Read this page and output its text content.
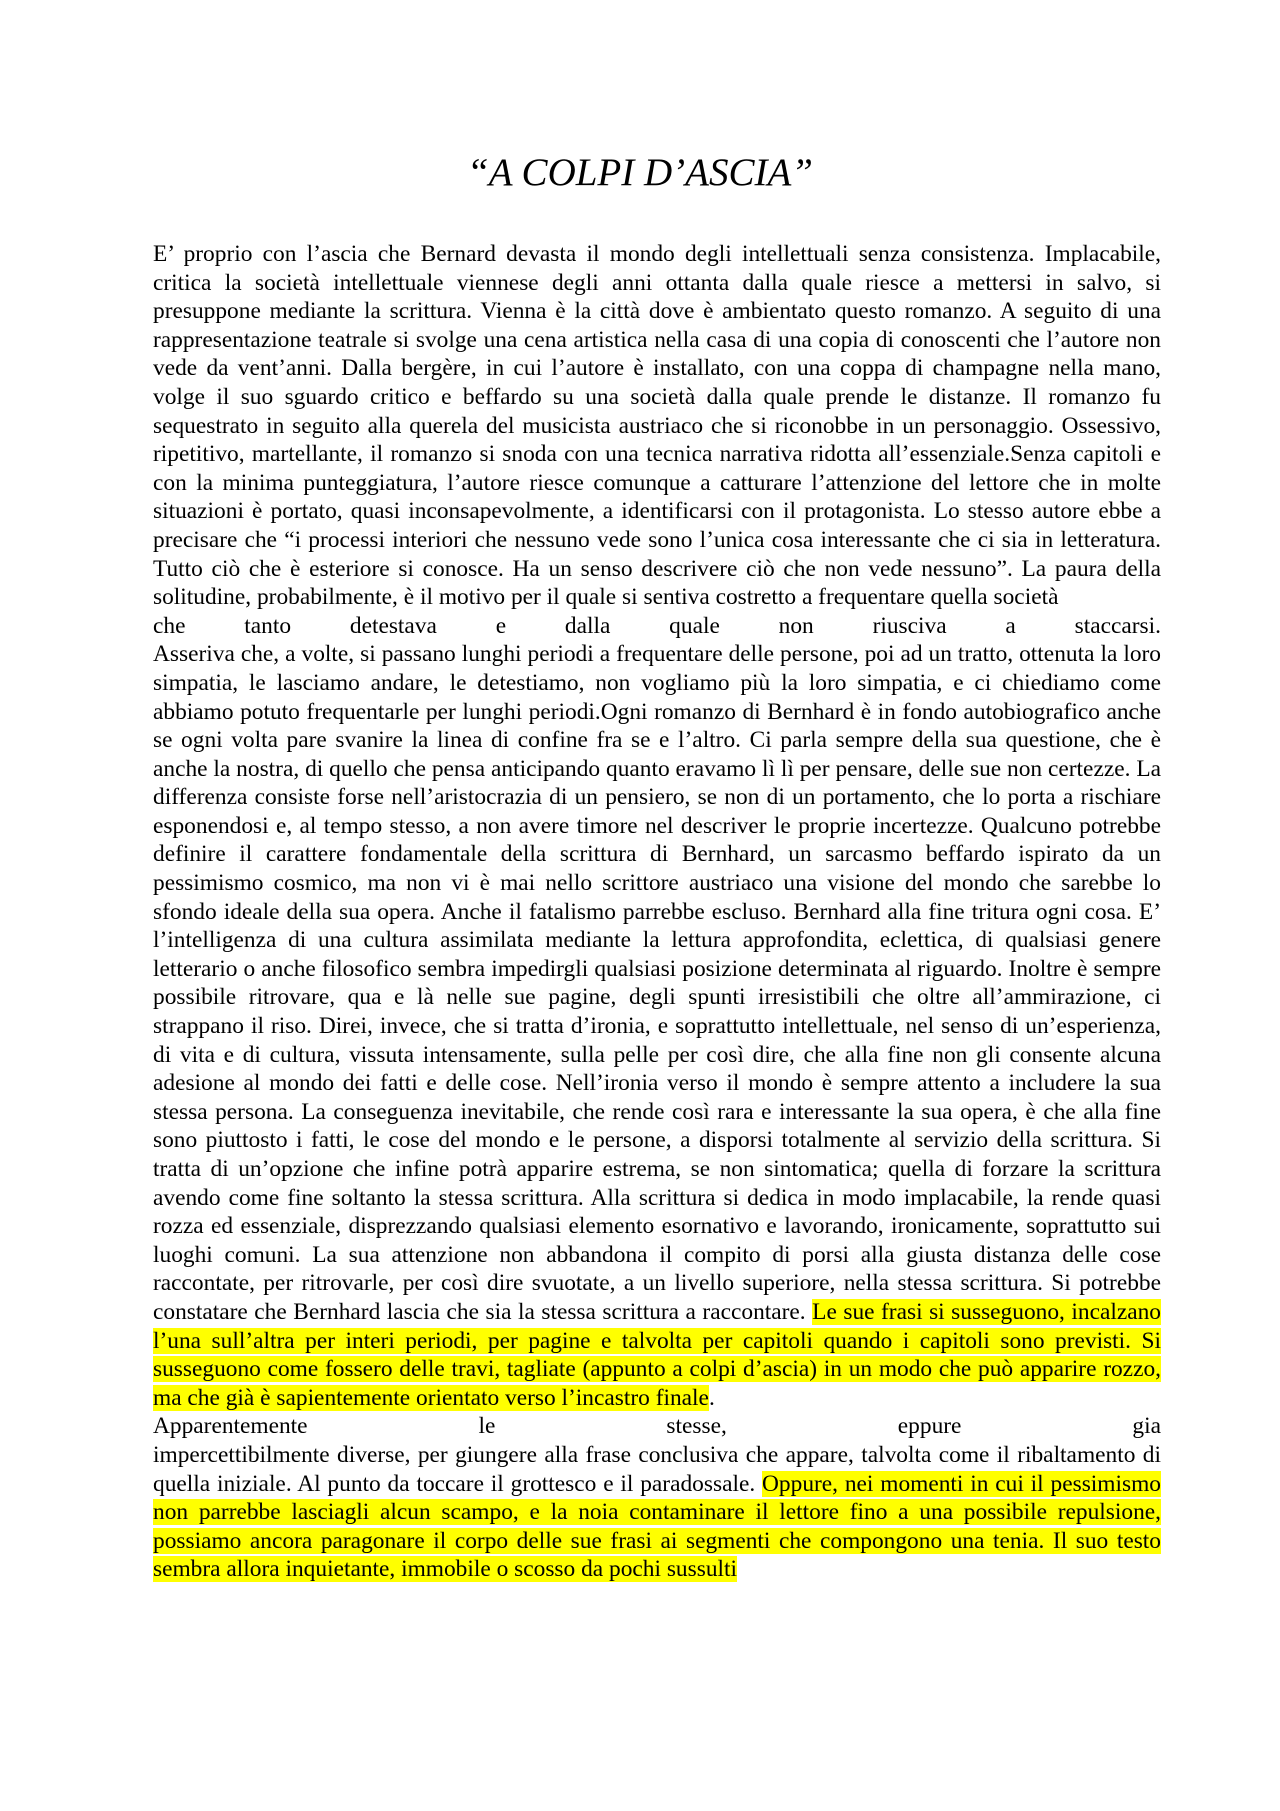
“A COLPI D’ASCIA”
E’ proprio con l’ascia che Bernard devasta il mondo degli intellettuali senza consistenza. Implacabile, critica la società intellettuale viennese degli anni ottanta dalla quale riesce a mettersi in salvo, si presuppone mediante la scrittura. Vienna è la città dove è ambientato questo romanzo. A seguito di una rappresentazione teatrale si svolge una cena artistica nella casa di una copia di conoscenti che l’autore non vede da vent’anni. Dalla bergère, in cui l’autore è installato, con una coppa di champagne nella mano, volge il suo sguardo critico e beffardo su una società dalla quale prende le distanze. Il romanzo fu sequestrato in seguito alla querela del musicista austriaco che si riconobbe in un personaggio. Ossessivo, ripetitivo, martellante, il romanzo si snoda con una tecnica narrativa ridotta all’essenziale.Senza capitoli e con la minima punteggiatura, l’autore riesce comunque a catturare l’attenzione del lettore che in molte situazioni è portato, quasi inconsapevolmente, a identificarsi con il protagonista. Lo stesso autore ebbe a precisare che “i processi interiori che nessuno vede sono l’unica cosa interessante che ci sia in letteratura. Tutto ciò che è esteriore si conosce. Ha un senso descrivere ciò che non vede nessuno”. La paura della solitudine, probabilmente, è il motivo per il quale si sentiva costretto a frequentare quella società
che tanto detestava e dalla quale non riusciva a staccarsi.
Asseriva che, a volte, si passano lunghi periodi a frequentare delle persone, poi ad un tratto, ottenuta la loro simpatia, le lasciamo andare, le detestiamo, non vogliamo più la loro simpatia, e ci chiediamo come abbiamo potuto frequentarle per lunghi periodi.Ogni romanzo di Bernhard è in fondo autobiografico anche se ogni volta pare svanire la linea di confine fra se e l’altro. Ci parla sempre della sua questione, che è anche la nostra, di quello che pensa anticipando quanto eravamo lì lì per pensare, delle sue non certezze. La differenza consiste forse nell’aristocrazia di un pensiero, se non di un portamento, che lo porta a rischiare esponendosi e, al tempo stesso, a non avere timore nel descriver le proprie incertezze. Qualcuno potrebbe definire il carattere fondamentale della scrittura di Bernhard, un sarcasmo beffardo ispirato da un pessimismo cosmico, ma non vi è mai nello scrittore austriaco una visione del mondo che sarebbe lo sfondo ideale della sua opera. Anche il fatalismo parrebbe escluso. Bernhard alla fine tritura ogni cosa. E’ l’intelligenza di una cultura assimilata mediante la lettura approfondita, eclettica, di qualsiasi genere letterario o anche filosofico sembra impedirgli qualsiasi posizione determinata al riguardo. Inoltre è sempre possibile ritrovare, qua e là nelle sue pagine, degli spunti irresistibili che oltre all’ammirazione, ci strappano il riso. Direi, invece, che si tratta d’ironia, e soprattutto intellettuale, nel senso di un’esperienza, di vita e di cultura, vissuta intensamente, sulla pelle per così dire, che alla fine non gli consente alcuna adesione al mondo dei fatti e delle cose. Nell’ironia verso il mondo è sempre attento a includere la sua stessa persona. La conseguenza inevitabile, che rende così rara e interessante la sua opera, è che alla fine sono piuttosto i fatti, le cose del mondo e le persone, a disporsi totalmente al servizio della scrittura. Si tratta di un’opzione che infine potrà apparire estrema, se non sintomatica; quella di forzare la scrittura avendo come fine soltanto la stessa scrittura. Alla scrittura si dedica in modo implacabile, la rende quasi rozza ed essenziale, disprezzando qualsiasi elemento esornativo e lavorando, ironicamente, soprattutto sui luoghi comuni. La sua attenzione non abbandona il compito di porsi alla giusta distanza delle cose raccontate, per ritrovarle, per così dire svuotate, a un livello superiore, nella stessa scrittura. Si potrebbe constatare che Bernhard lascia che sia la stessa scrittura a raccontare. Le sue frasi si susseguono, incalzano l’una sull’altra per interi periodi, per pagine e talvolta per capitoli quando i capitoli sono previsti. Si susseguono come fossero delle travi, tagliate (appunto a colpi d’ascia) in un modo che può apparire rozzo, ma che già è sapientemente orientato verso l’incastro finale.
Apparentemente le stesse, eppure gia
impercettibilmente diverse, per giungere alla frase conclusiva che appare, talvolta come il ribaltamento di quella iniziale. Al punto da toccare il grottesco e il paradossale. Oppure, nei momenti in cui il pessimismo non parrebbe lasciagli alcun scampo, e la noia contaminare il lettore fino a una possibile repulsione, possiamo ancora paragonare il corpo delle sue frasi ai segmenti che compongono una tenia. Il suo testo sembra allora inquietante, immobile o scosso da pochi sussulti
